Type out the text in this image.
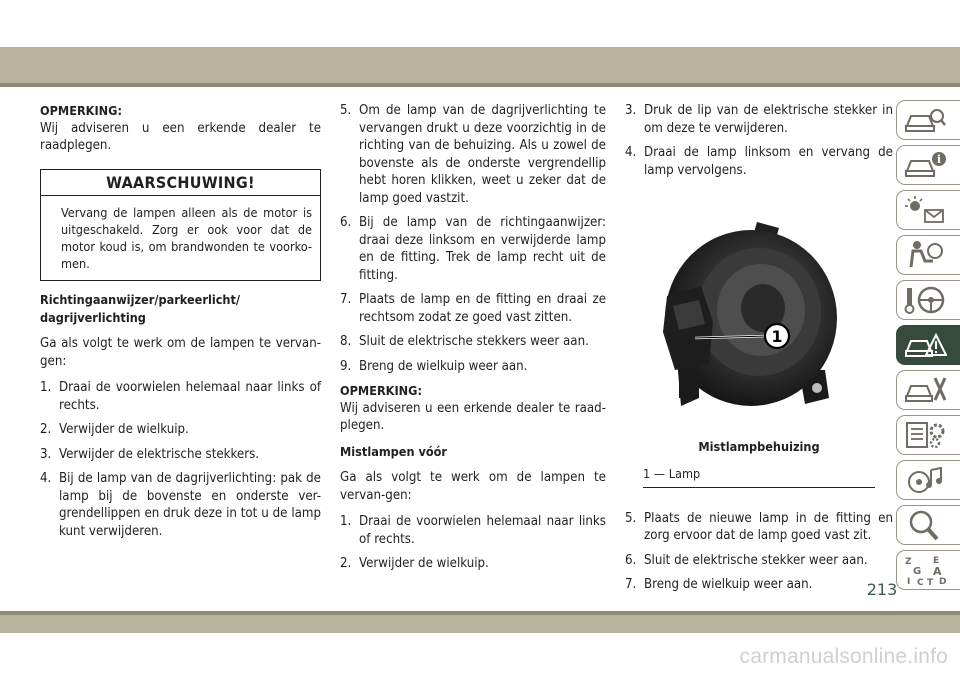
OPMERKING:

Wij adviseren u een erkende dealer te raadplegen.

WAARSCHUWING!
Vervang de lampen alleen als de motor is uitgeschakeld. Zorg er ook voor dat de motor koud is, om brandwonden te voorko-men.
Richtingaanwijzer/parkeerlicht/
dagrijverlichting

Ga als volgt te werk om de lampen te vervan-gen:

1. Draai de voorwielen helemaal naar links of rechts.
2. Verwijder de wielkuip.
3. Verwijder de elektrische stekkers.
4. Bij de lamp van de dagrijverlichting: pak de lamp bij de bovenste en onderste ver-grendellippen en druk deze in tot u de lamp kunt verwijderen.
5. Om de lamp van de dagrijverlichting te vervangen drukt u deze voorzichtig in de richting van de behuizing. Als u zowel de bovenste als de onderste vergrendellip hebt horen klikken, weet u zeker dat de lamp goed vastzit.
6. Bij de lamp van de richtingaanwijzer: draai deze linksom en verwijderde lamp en de fitting. Trek de lamp recht uit de fitting.
7. Plaats de lamp en de fitting en draai ze rechtsom zodat ze goed vast zitten.
8. Sluit de elektrische stekkers weer aan.
9. Breng de wielkuip weer aan.
OPMERKING:

Wij adviseren u een erkende dealer te raad-plegen.

Mistlampen vóór

Ga als volgt te werk om de lampen te vervan-gen:

1. Draai de voorwielen helemaal naar links of rechts.
2. Verwijder de wielkuip.
3. Druk de lip van de elektrische stekker in om deze te verwijderen.
4. Draai de lamp linksom en vervang de lamp vervolgens.
1
Mistlampbehuizing
1 — Lamp
5. Plaats de nieuwe lamp in de fitting en zorg ervoor dat de lamp goed vast zit.
6. Sluit de elektrische stekker weer aan.
7. Breng de wielkuip weer aan.
i
Z E
G A
I C D
T
213
carmanualsonline.info
